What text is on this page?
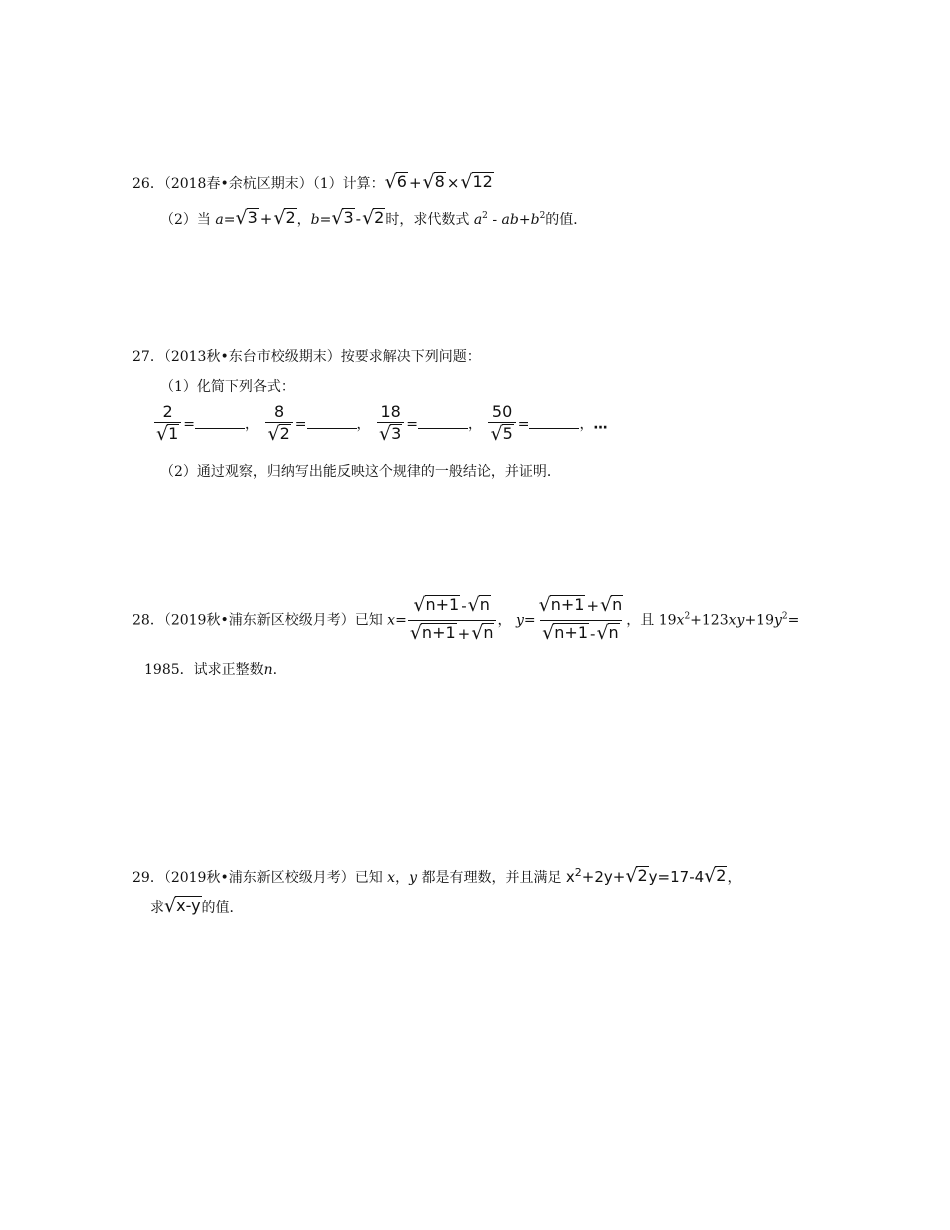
26．（2018春•余杭区期末）（1）计算： √ 6 + √ 8 × √ 12
（2）当 a= √ 3 + √ 2 ，b= √ 3 - √ 2 时，求代数式 $a^2 - ab+b^2$的值．
27．（2013秋•东台市校级期末）按要求解决下列问题：
（1）化简下列各式：
$\frac{2}{√ 1}$ =	， $\frac{8}{√ 2}$ =	， $\frac{18}{√ 3}$ =	， $\frac{50}{√ 5}$ =	，…
（2）通过观察，归纳写出能反映这个规律的一般结论，并证明．
28．（2019秋•浦东新区校级月考）已知 $x= \frac{√ n+1 - √ n}{√ n+1 + √ n}$ ， $y= \frac{√ n+1 + √ n}{√ n+1 - √ n}$ ，且 $19x^2+123xy+19y^2=$
1985．试求正整数n.
29．（2019秋•浦东新区校级月考）已知 x，y 都是有理数，并且满足 $x^2+2y+$ √ 2 y=17-4 √ 2 ，
求 √ x-y 的值．
